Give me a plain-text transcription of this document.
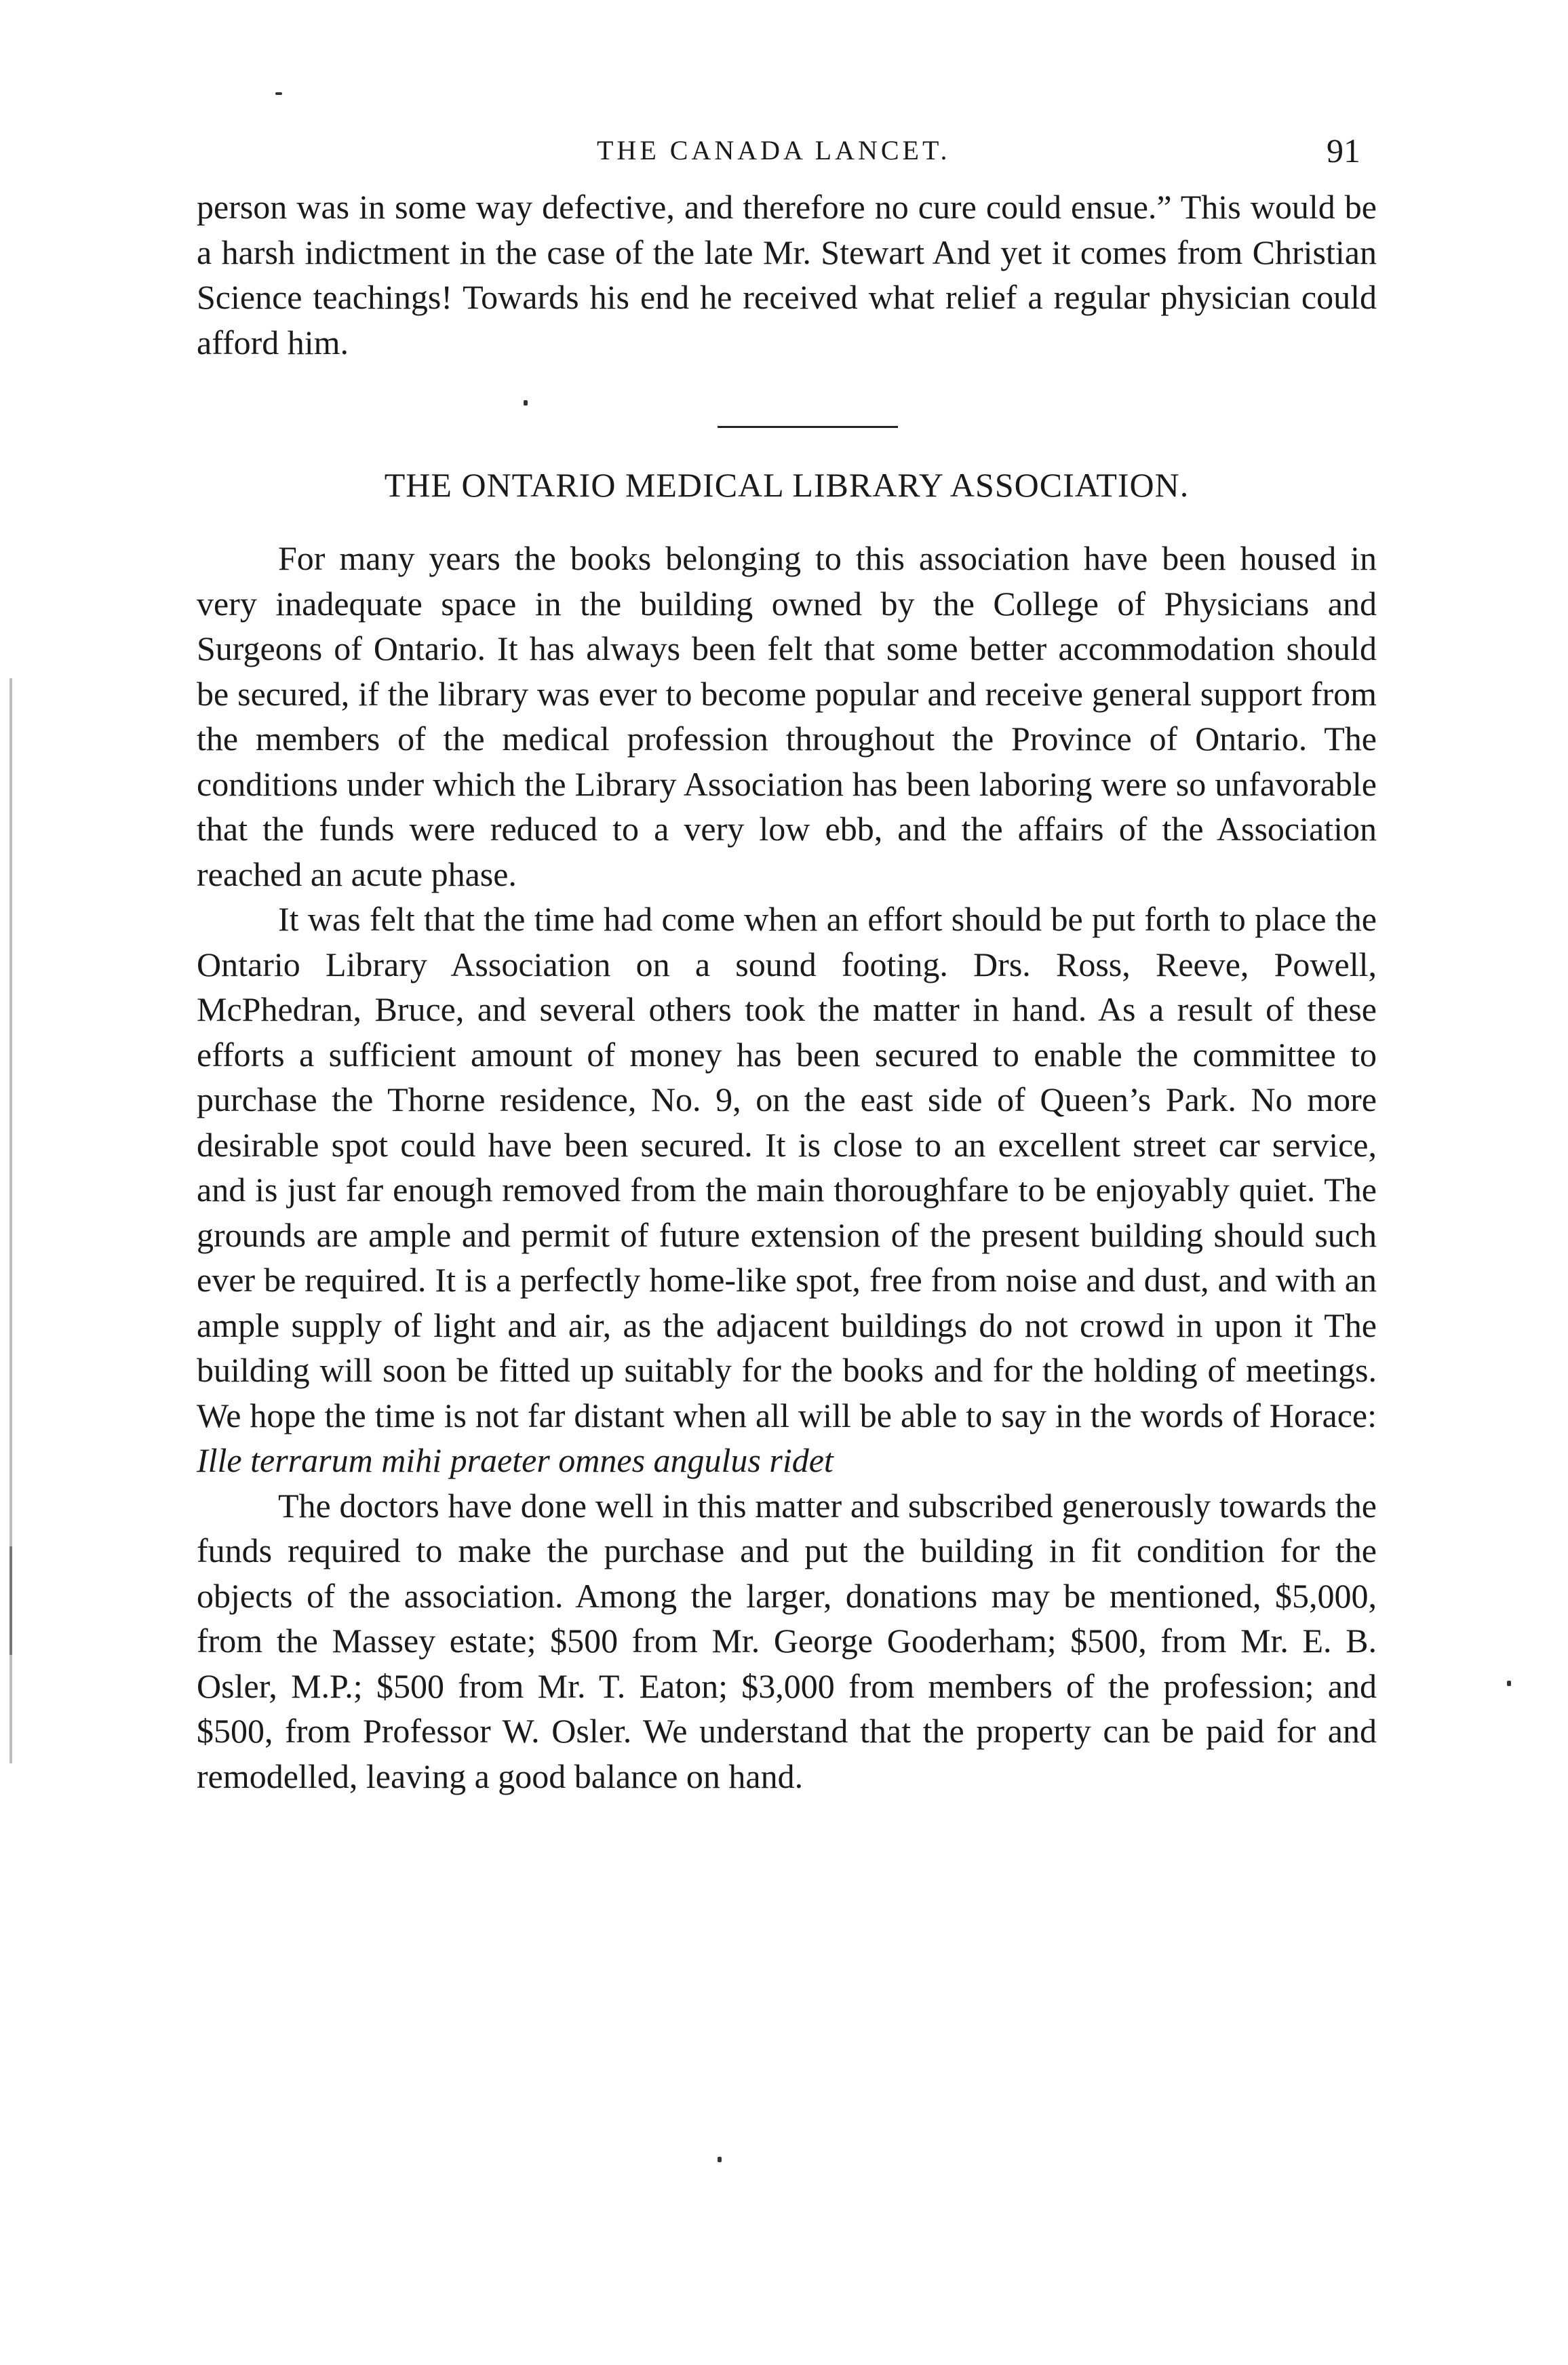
THE CANADA LANCET.	91

person was in some way defective, and therefore no cure could ensue.” This would be a harsh indictment in the case of the late Mr. Stewart And yet it comes from Christian Science teachings! Towards his end he received what relief a regular physician could afford him.

THE ONTARIO MEDICAL LIBRARY ASSOCIATION.

For many years the books belonging to this association have been housed in very inadequate space in the building owned by the College of Physicians and Surgeons of Ontario. It has always been felt that some better accommodation should be secured, if the library was ever to become popular and receive general support from the members of the medical profession throughout the Province of Ontario. The conditions under which the Library Association has been laboring were so unfavorable that the funds were reduced to a very low ebb, and the affairs of the Association reached an acute phase.

It was felt that the time had come when an effort should be put forth to place the Ontario Library Association on a sound footing. Drs. Ross, Reeve, Powell, McPhedran, Bruce, and several others took the matter in hand. As a result of these efforts a sufficient amount of money has been secured to enable the committee to purchase the Thorne residence, No. 9, on the east side of Queen’s Park. No more desirable spot could have been secured. It is close to an excellent street car service, and is just far enough removed from the main thoroughfare to be enjoyably quiet. The grounds are ample and permit of future extension of the present building should such ever be required. It is a perfectly home-like spot, free from noise and dust, and with an ample supply of light and air, as the adjacent buildings do not crowd in upon it The building will soon be fitted up suitably for the books and for the holding of meetings. We hope the time is not far distant when all will be able to say in the words of Horace: Ille terrarum mihi praeter omnes angulus ridet

The doctors have done well in this matter and subscribed generously towards the funds required to make the purchase and put the building in fit condition for the objects of the association. Among the larger, donations may be mentioned, $5,000, from the Massey estate; $500 from Mr. George Gooderham; $500, from Mr. E. B. Osler, M.P.; $500 from Mr. T. Eaton; $3,000 from members of the profession; and $500, from Professor W. Osler. We understand that the property can be paid for and remodelled, leaving a good balance on hand.
